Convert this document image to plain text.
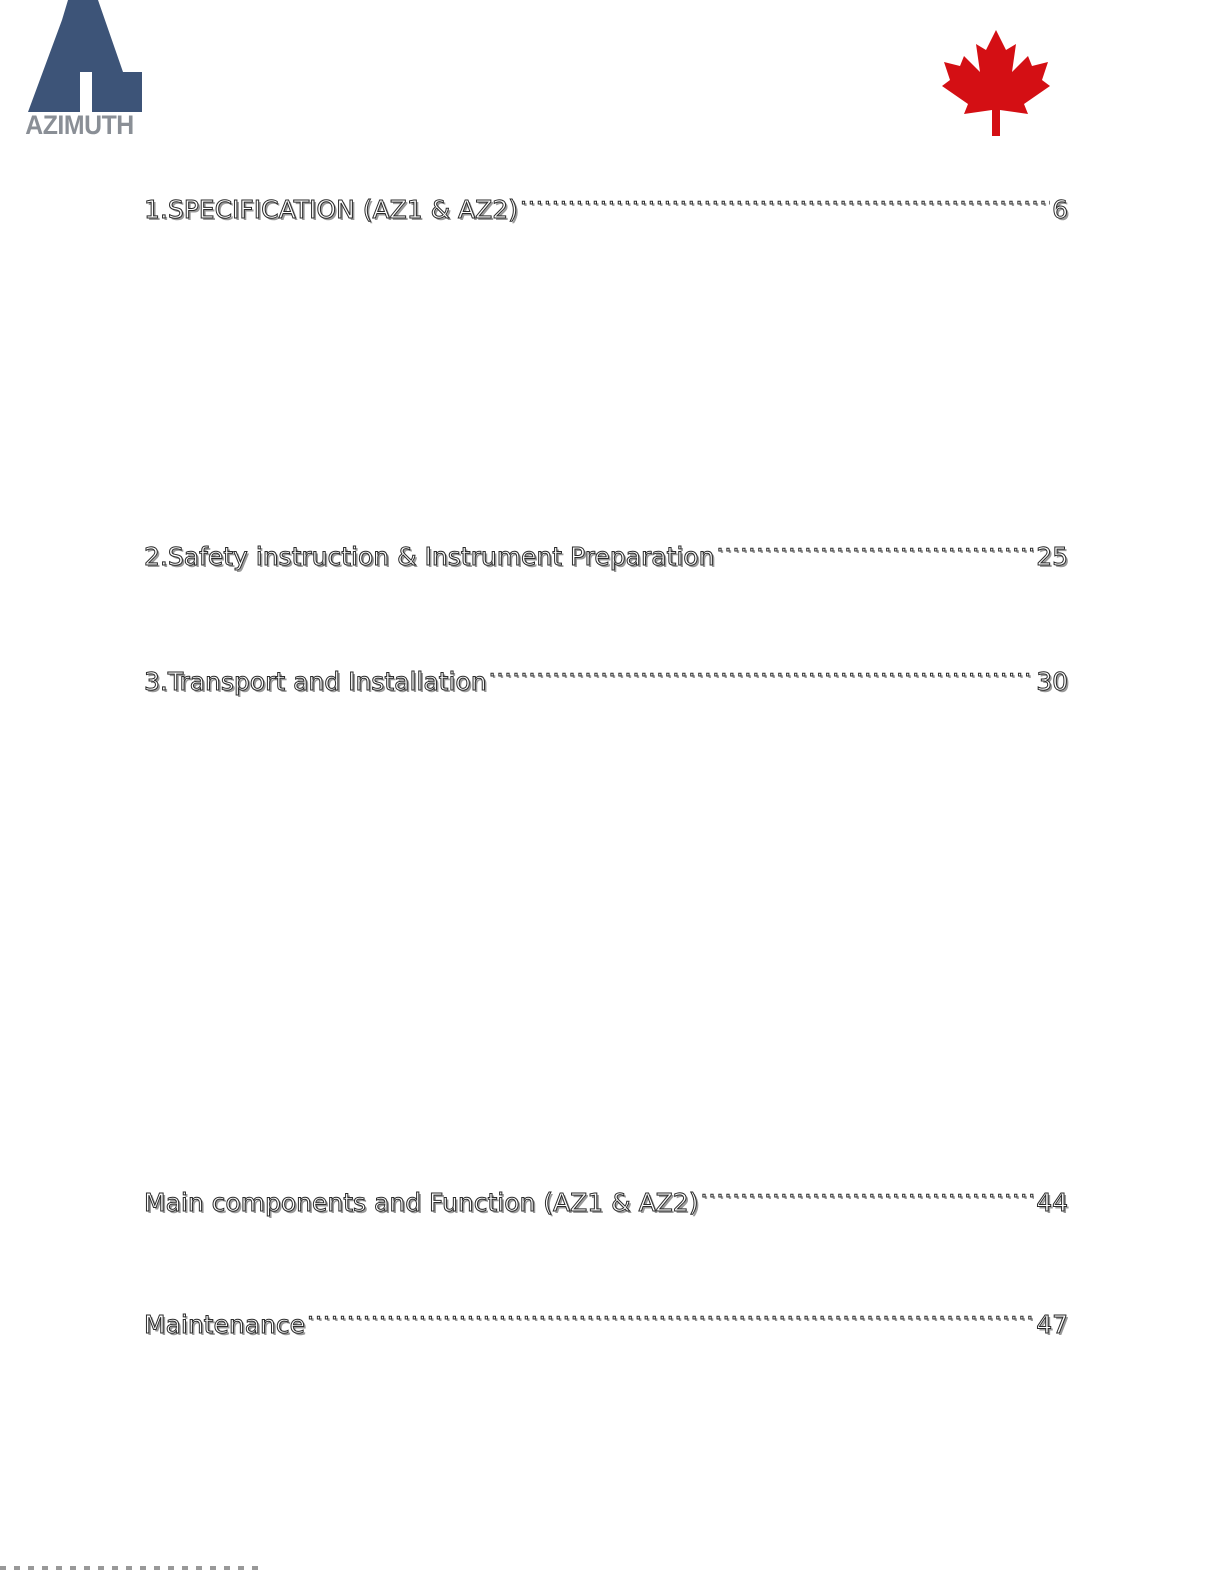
AZIMUTH
1.SPECIFICATION (AZ1 & AZ2) .....	6
2.Safety instruction & Instrument Preparation .....	25
3.Transport and Installation .....	30
Main components and Function (AZ1 & AZ2) .....	44
Maintenance .....	47
